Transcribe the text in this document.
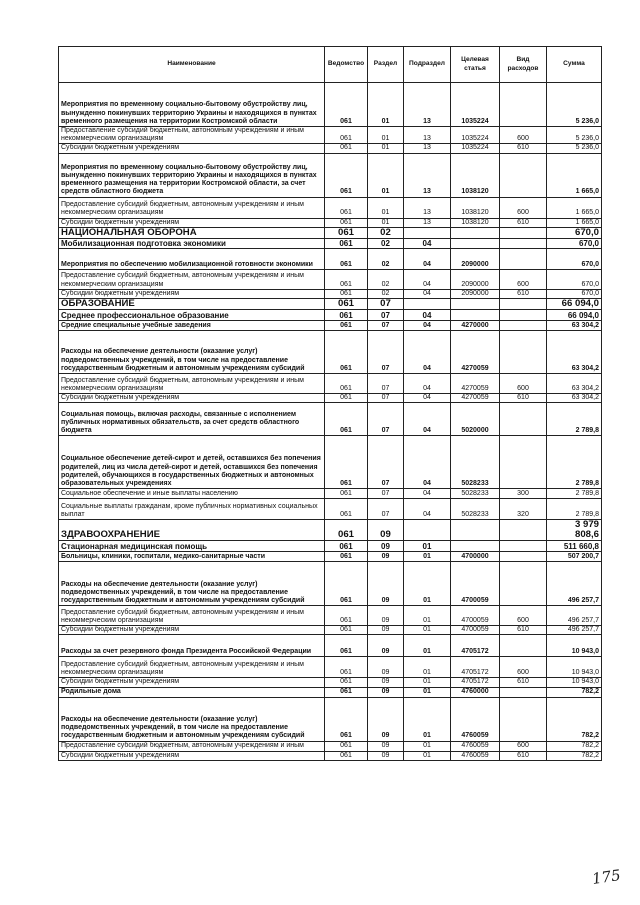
Наименование	Ведомство	Раздел	Подраздел	Целевая статья	Вид расходов	Сумма
Мероприятия по временному социально-бытовому обустройству лиц, вынужденно покинувших территорию Украины и находящихся в пунктах временного размещения на территории Костромской области	061	01	13	1035224		5 236,0
Предоставление субсидий бюджетным, автономным учреждениям и иным некоммерческим организациям	061	01	13	1035224	600	5 236,0
Субсидии бюджетным учреждениям	061	01	13	1035224	610	5 236,0
Мероприятия по временному социально-бытовому обустройству лиц, вынужденно покинувших территорию Украины и находящихся в пунктах временного размещения на территории Костромской области, за счет средств областного бюджета	061	01	13	1038120		1 665,0
Предоставление субсидий бюджетным, автономным учреждениям и иным некоммерческим организациям	061	01	13	1038120	600	1 665,0
Субсидии бюджетным учреждениям	061	01	13	1038120	610	1 665,0
НАЦИОНАЛЬНАЯ ОБОРОНА	061	02				670,0
Мобилизационная подготовка экономики	061	02	04			670,0
Мероприятия по обеспечению мобилизационной готовности экономики	061	02	04	2090000		670,0
Предоставление субсидий бюджетным, автономным учреждениям и иным некоммерческим организациям	061	02	04	2090000	600	670,0
Субсидии бюджетным учреждениям	061	02	04	2090000	610	670,0
ОБРАЗОВАНИЕ	061	07				66 094,0
Среднее профессиональное образование	061	07	04			66 094,0
Средние специальные учебные заведения	061	07	04	4270000		63 304,2
Расходы на обеспечение деятельности (оказание услуг) подведомственных учреждений, в том числе на предоставление государственным бюджетным и автономным учреждениям субсидий	061	07	04	4270059		63 304,2
Предоставление субсидий бюджетным, автономным учреждениям и иным некоммерческим организациям	061	07	04	4270059	600	63 304,2
Субсидии бюджетным учреждениям	061	07	04	4270059	610	63 304,2
Социальная помощь, включая расходы, связанные с исполнением публичных нормативных обязательств, за счет средств областного бюджета	061	07	04	5020000		2 789,8
Социальное обеспечение детей-сирот и детей, оставшихся без попечения родителей, лиц из числа детей-сирот и детей, оставшихся без попечения родителей, обучающихся в государственных бюджетных и автономных образовательных учреждениях	061	07	04	5028233		2 789,8
Социальное обеспечение и иные выплаты населению	061	07	04	5028233	300	2 789,8
Социальные выплаты гражданам, кроме публичных нормативных социальных выплат	061	07	04	5028233	320	2 789,8
ЗДРАВООХРАНЕНИЕ	061	09				3 979 808,6
Стационарная медицинская помощь	061	09	01			511 660,8
Больницы, клиники, госпитали, медико-санитарные части	061	09	01	4700000		507 200,7
Расходы на обеспечение деятельности (оказание услуг) подведомственных учреждений, в том числе на предоставление государственным бюджетным и автономным учреждениям субсидий	061	09	01	4700059		496 257,7
Предоставление субсидий бюджетным, автономным учреждениям и иным некоммерческим организациям	061	09	01	4700059	600	496 257,7
Субсидии бюджетным учреждениям	061	09	01	4700059	610	496 257,7
Расходы за счет резервного фонда Президента Российской Федерации	061	09	01	4705172		10 943,0
Предоставление субсидий бюджетным, автономным учреждениям и иным некоммерческим организациям	061	09	01	4705172	600	10 943,0
Субсидии бюджетным учреждениям	061	09	01	4705172	610	10 943,0
Родильные дома	061	09	01	4760000		782,2
Расходы на обеспечение деятельности (оказание услуг) подведомственных учреждений, в том числе на предоставление государственным бюджетным и автономным учреждениям субсидий	061	09	01	4760059		782,2
Предоставление субсидий бюджетным, автономным учреждениям и иным	061	09	01	4760059	600	782,2
Субсидии бюджетным учреждениям	061	09	01	4760059	610	782,2
175
